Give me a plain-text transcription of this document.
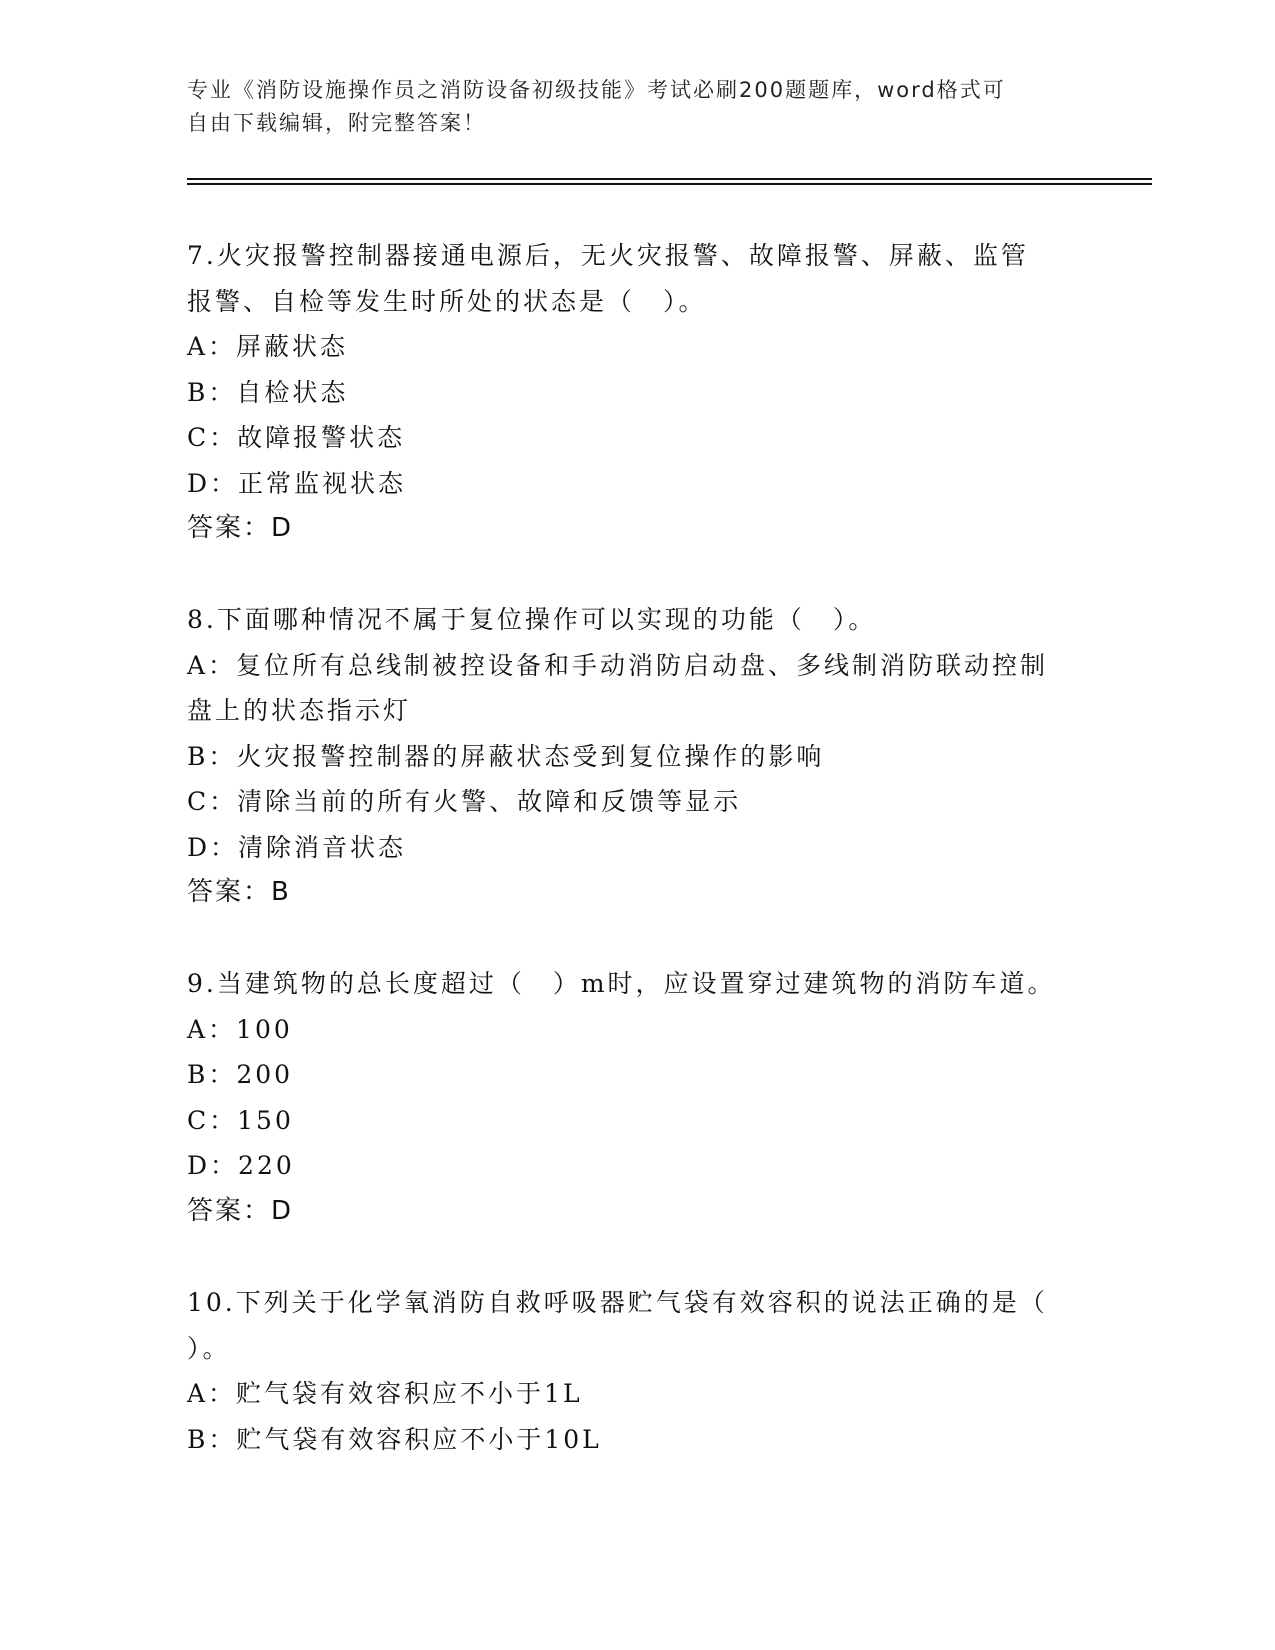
专业《消防设施操作员之消防设备初级技能》考试必刷200题题库，word格式可

自由下载编辑，附完整答案！

7.火灾报警控制器接通电源后，无火灾报警、故障报警、屏蔽、监管

报警、自检等发生时所处的状态是（　）。

A：屏蔽状态

B：自检状态

C：故障报警状态

D：正常监视状态

答案：D

8.下面哪种情况不属于复位操作可以实现的功能（　）。

A：复位所有总线制被控设备和手动消防启动盘、多线制消防联动控制

盘上的状态指示灯

B：火灾报警控制器的屏蔽状态受到复位操作的影响

C：清除当前的所有火警、故障和反馈等显示

D：清除消音状态

答案：B

9.当建筑物的总长度超过（　）m时，应设置穿过建筑物的消防车道。

A：100

B：200

C：150

D：220

答案：D

10.下列关于化学氧消防自救呼吸器贮气袋有效容积的说法正确的是（

）。

A：贮气袋有效容积应不小于1L

B：贮气袋有效容积应不小于10L
